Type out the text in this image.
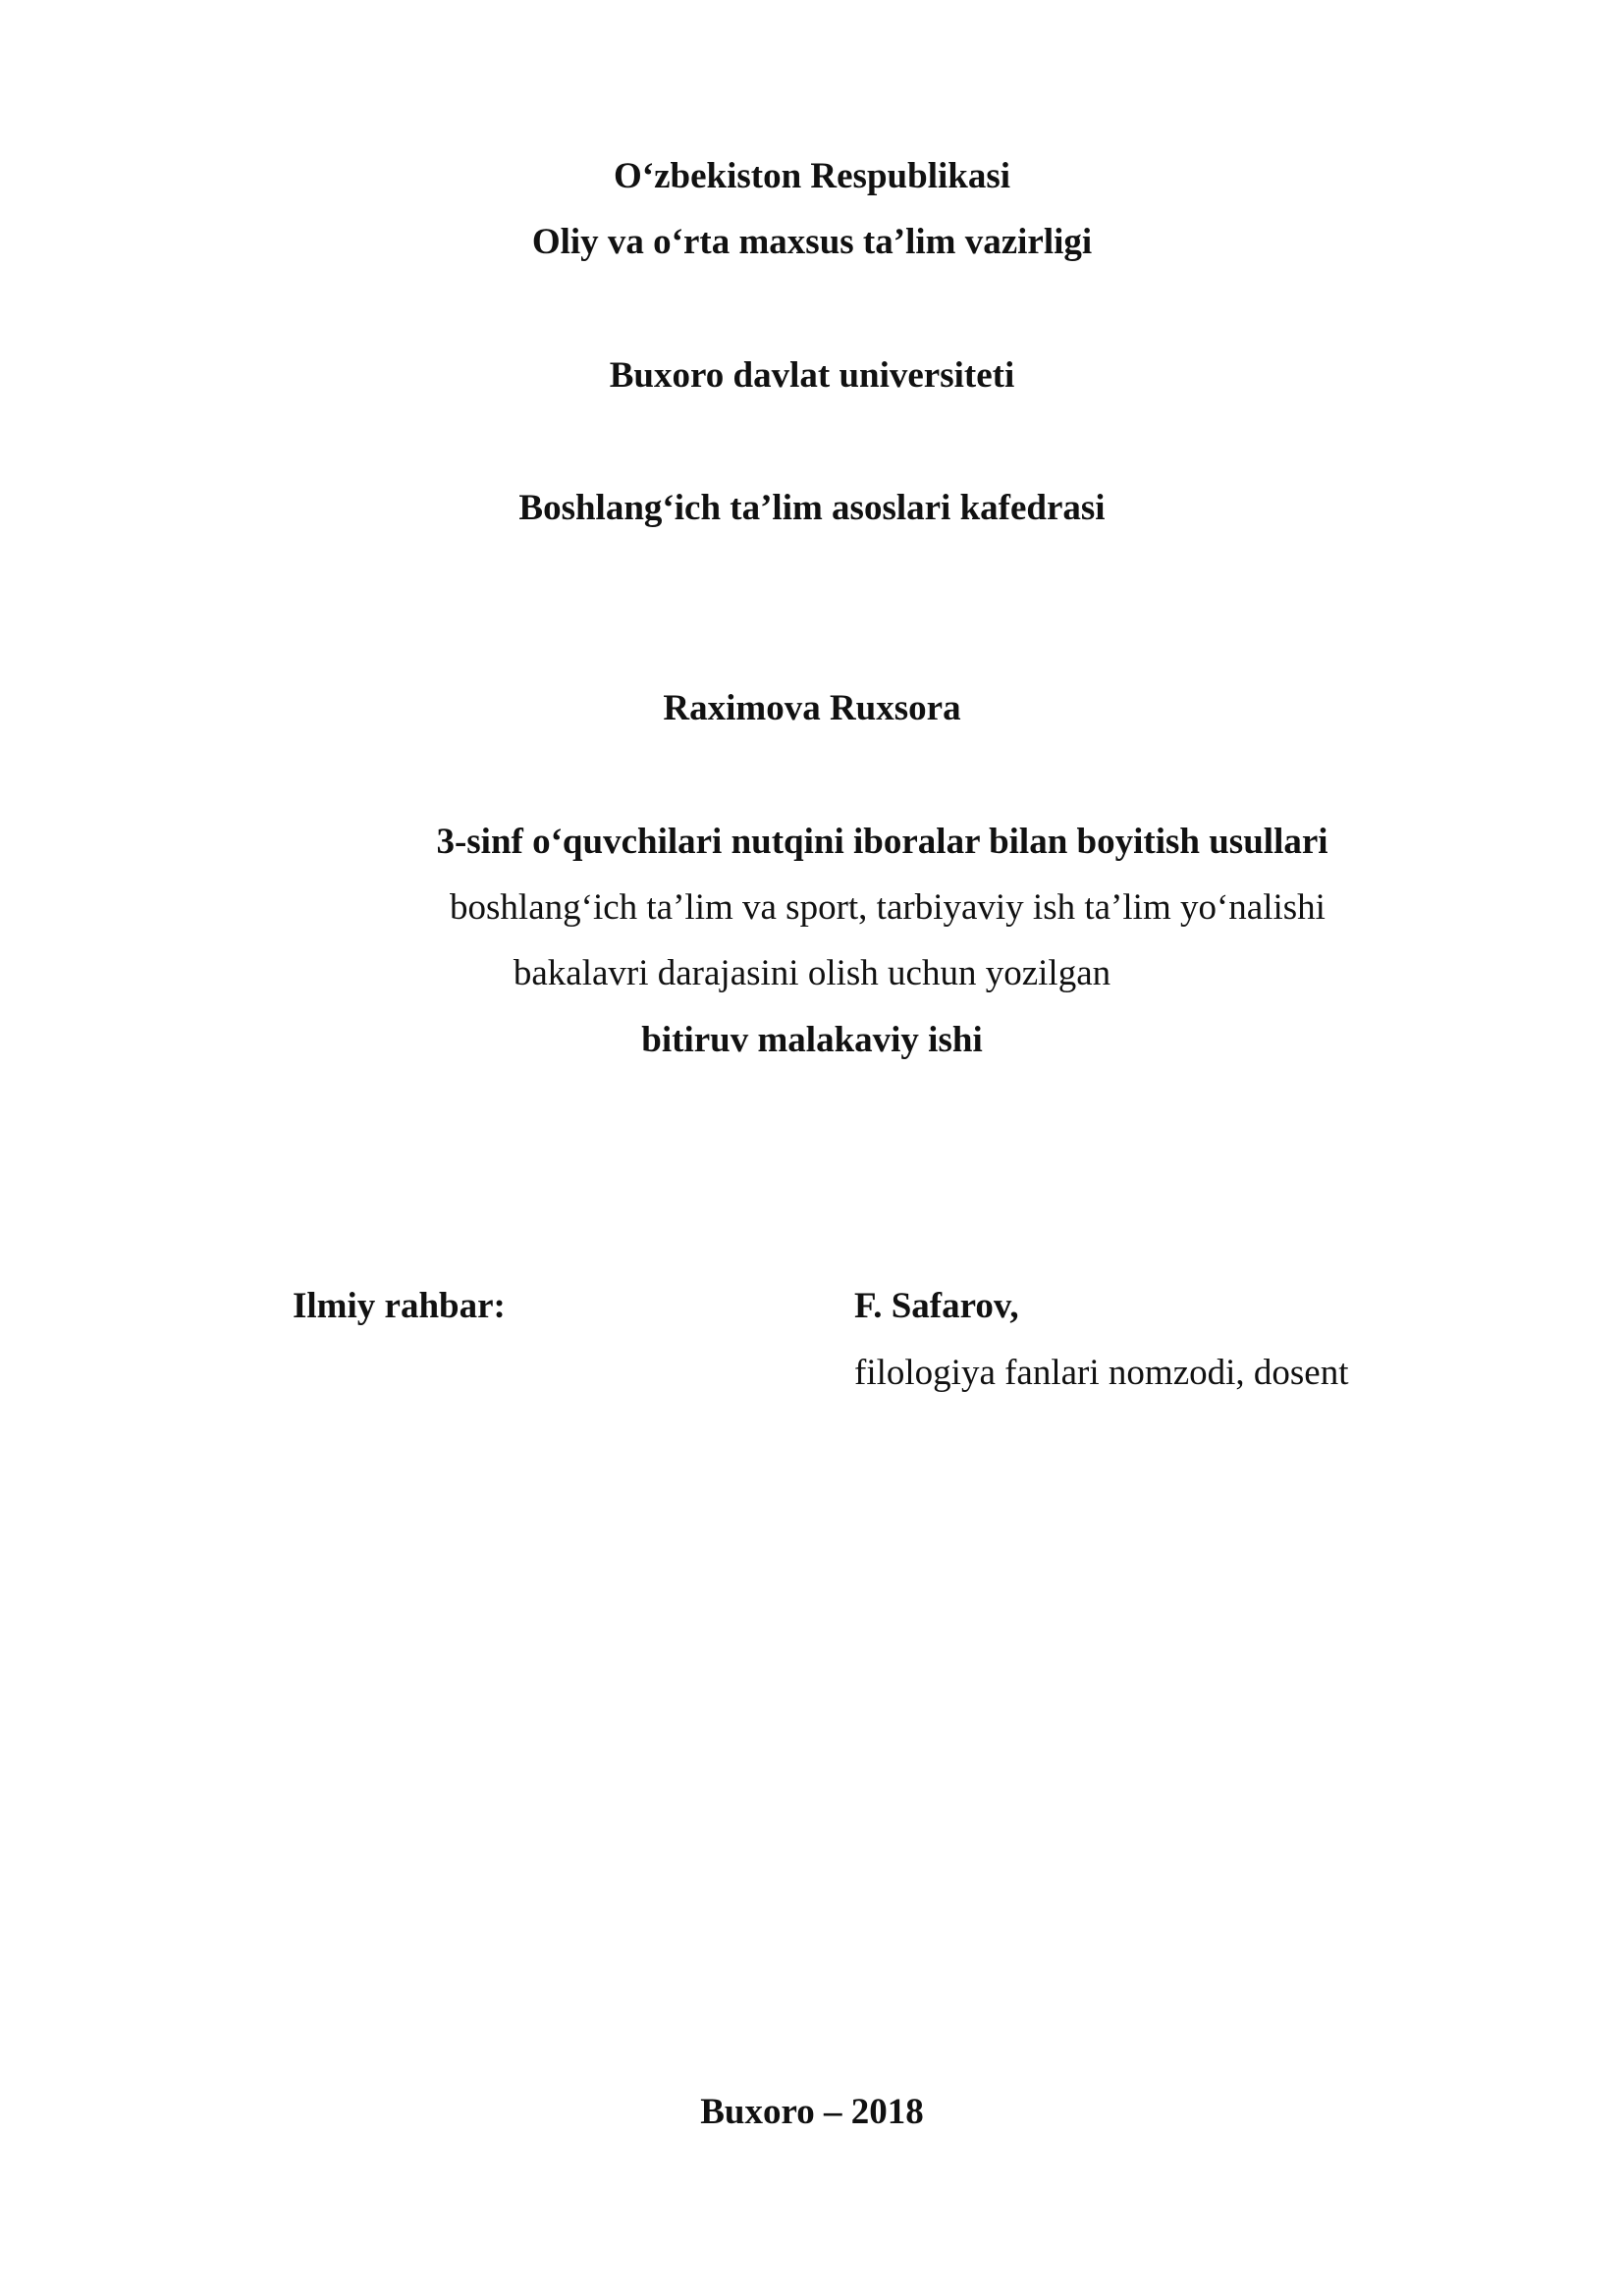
O‘zbekiston Respublikasi
Oliy va o‘rta maxsus ta’lim vazirligi
Buxoro davlat universiteti
Boshlang‘ich ta’lim asoslari kafedrasi
Raximova Ruxsora
3-sinf o‘quvchilari nutqini iboralar bilan boyitish usullari
boshlang‘ich ta’lim va sport, tarbiyaviy ish ta’lim yo‘nalishi
bakalavri darajasini olish uchun yozilgan
bitiruv malakaviy ishi
Ilmiy rahbar:	F. Safarov,
filologiya fanlari nomzodi, dosent
Buxoro – 2018
